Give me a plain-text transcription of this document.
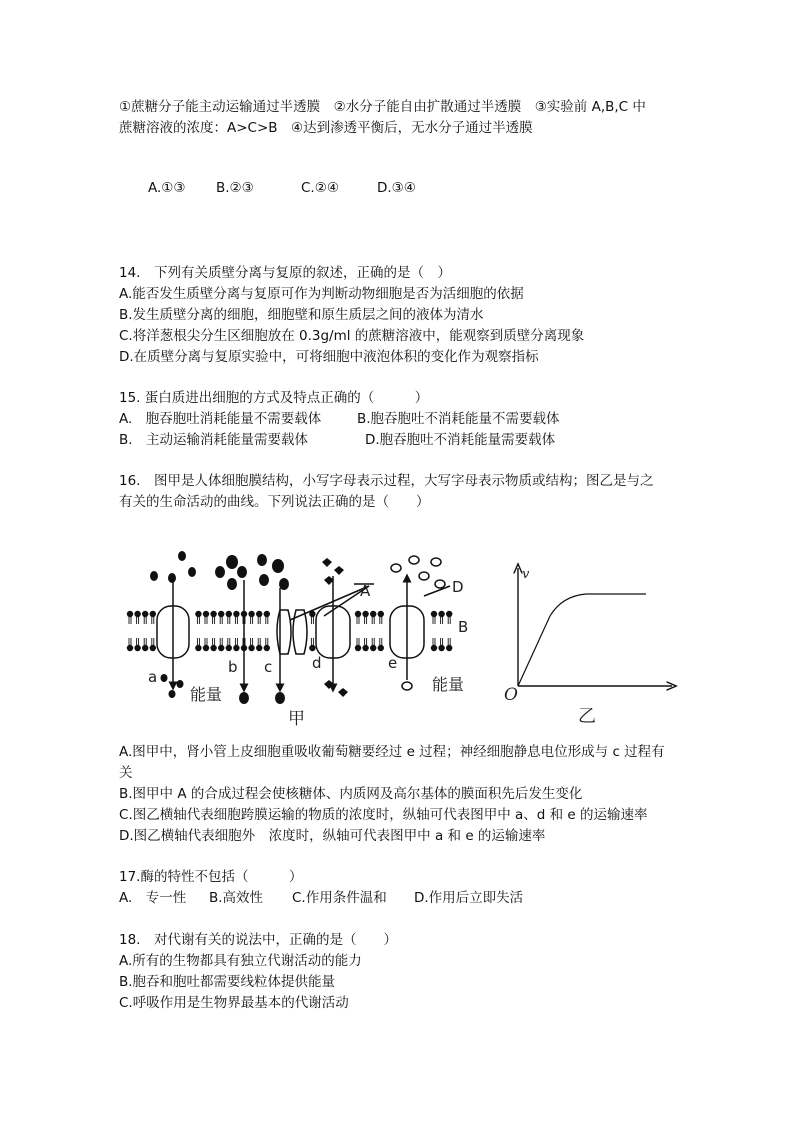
①蔗糖分子能主动运输通过半透膜　②水分子能自由扩散通过半透膜　③实验前 A,B,C 中
蔗糖溶液的浓度：A>C>B　④达到渗透平衡后，无水分子通过半透膜
A.①③ B.②③	C.②④	D.③④
14.　下列有关质壁分离与复原的叙述，正确的是（　）
A.能否发生质壁分离与复原可作为判断动物细胞是否为活细胞的依据
B.发生质壁分离的细胞，细胞壁和原生质层之间的液体为清水
C.将洋葱根尖分生区细胞放在 0.3g/ml 的蔗糖溶液中，能观察到质壁分离现象
D.在质壁分离与复原实验中，可将细胞中液泡体积的变化作为观察指标
15. 蛋白质进出细胞的方式及特点正确的（　　　）
A.　胞吞胞吐消耗能量不需要载体	B.胞吞胞吐不消耗能量不需要载体
B.　主动运输消耗能量需要载体	D.胞吞胞吐不消耗能量需要载体
16.　图甲是人体细胞膜结构，小写字母表示过程，大写字母表示物质或结构；图乙是与之
有关的生命活动的曲线。下列说法正确的是（　　）
a
b c	d	e
A
B
D
能量
能量
甲
v
O
乙
A.图甲中，肾小管上皮细胞重吸收葡萄糖要经过 e 过程；神经细胞静息电位形成与 c 过程有
关
B.图甲中 A 的合成过程会使核糖体、内质网及高尔基体的膜面积先后发生变化
C.图乙横轴代表细胞跨膜运输的物质的浓度时，纵轴可代表图甲中 a、d 和 e 的运输速率
D.图乙横轴代表细胞外　浓度时，纵轴可代表图甲中 a 和 e 的运输速率
17.酶的特性不包括（　　　）
A.　专一性 B.高效性 C.作用条件温和 D.作用后立即失活
18.　对代谢有关的说法中，正确的是（　　）
A.所有的生物都具有独立代谢活动的能力
B.胞吞和胞吐都需要线粒体提供能量
C.呼吸作用是生物界最基本的代谢活动
